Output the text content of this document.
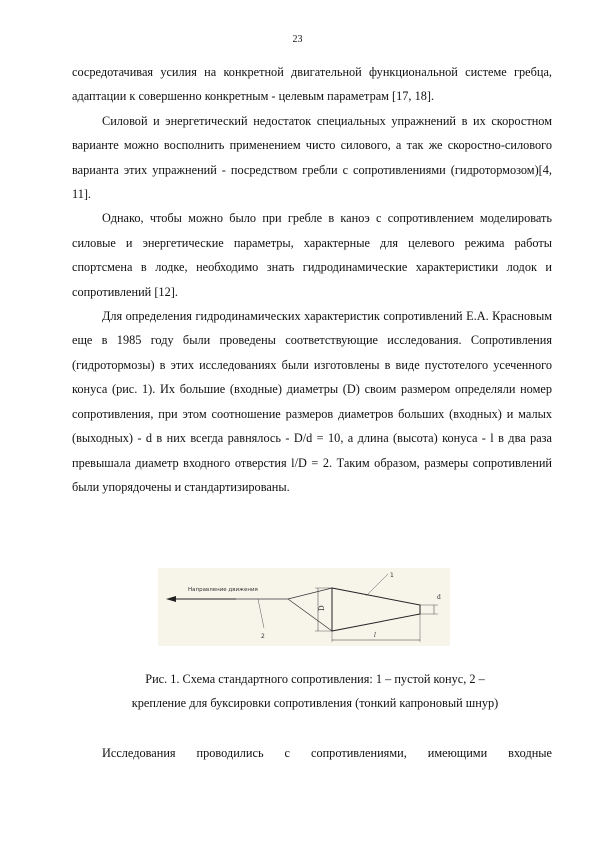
23

сосредотачивая усилия на конкретной двигательной функциональной системе гребца, адаптации к совершенно конкретным - целевым параметрам [17, 18].

Силовой и энергетический недостаток специальных упражнений в их скоростном варианте можно восполнить применением чисто силового, а так же скоростно-силового варианта этих упражнений - посредством гребли с сопротивлениями (гидротормозом)[4, 11].

Однако, чтобы можно было при гребле в каноэ с сопротивлением моделировать силовые и энергетические параметры, характерные для целевого режима работы спортсмена в лодке, необходимо знать гидродинамические характеристики лодок и сопротивлений [12].

Для определения гидродинамических характеристик сопротивлений Е.А. Красновым еще в 1985 году были проведены соответствующие исследования. Сопротивления (гидротормозы) в этих исследованиях были изготовлены в виде пустотелого усеченного конуса (рис. 1). Их большие (входные) диаметры (D) своим размером определяли номер сопротивления, при этом соотношение размеров диаметров больших (входных) и малых (выходных) - d в них всегда равнялось - D/d = 10, а длина (высота) конуса - l в два раза превышала диаметр входного отверстия l/D = 2. Таким образом, размеры сопротивлений были упорядочены и стандартизированы.

Направление движения
2
D
1
d
l

Рис. 1. Схема стандартного сопротивления: 1 – пустой конус, 2 –

крепление для буксировки сопротивления (тонкий капроновый шнур)

Исследования проводились с сопротивлениями, имеющими входные
